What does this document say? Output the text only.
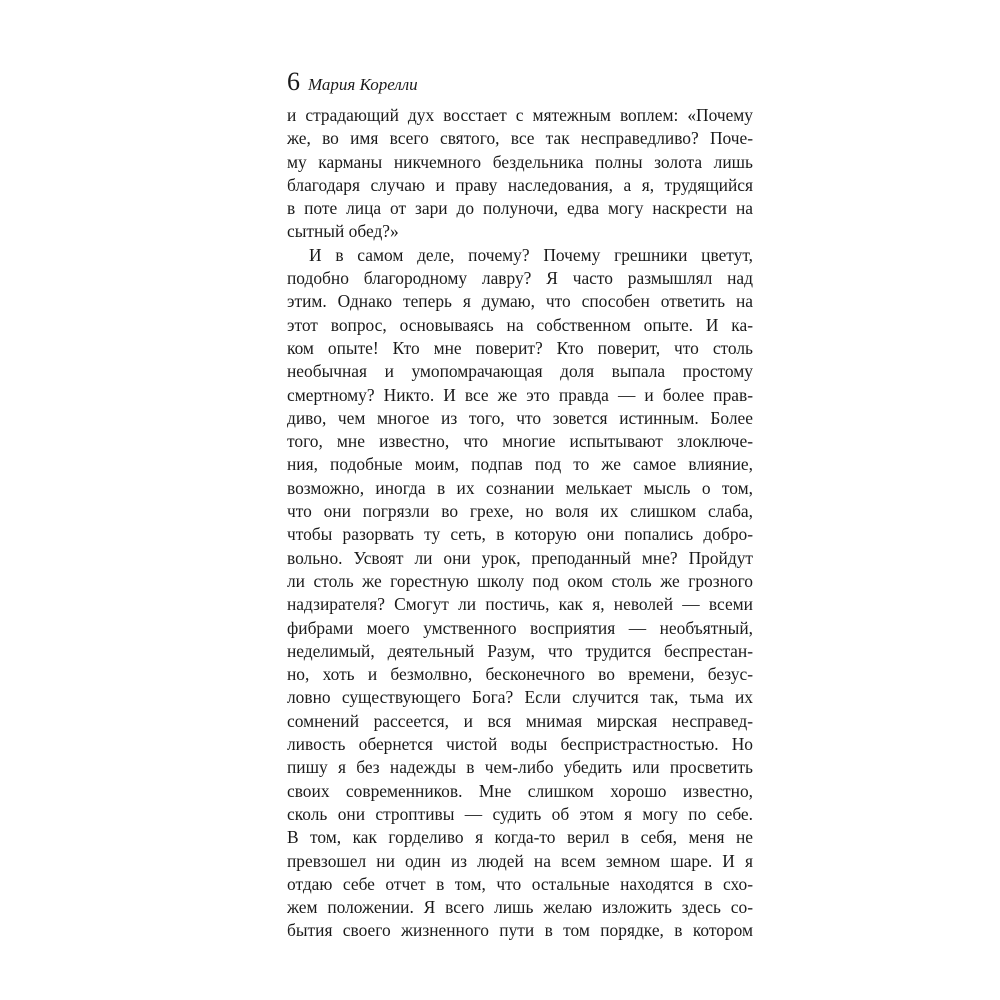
6 Мария Корелли
и страдающий дух восстает с мятежным воплем: «Почему
же, во имя всего святого, все так несправедливо? Поче-
му карманы никчемного бездельника полны золота лишь
благодаря случаю и праву наследования, а я, трудящийся
в поте лица от зари до полуночи, едва могу наскрести на
сытный обед?»
И в самом деле, почему? Почему грешники цветут,
подобно благородному лавру? Я часто размышлял над
этим. Однако теперь я думаю, что способен ответить на
этот вопрос, основываясь на собственном опыте. И ка-
ком опыте! Кто мне поверит? Кто поверит, что столь
необычная и умопомрачающая доля выпала простому
смертному? Никто. И все же это правда — и более прав-
диво, чем многое из того, что зовется истинным. Более
того, мне известно, что многие испытывают злоключе-
ния, подобные моим, подпав под то же самое влияние,
возможно, иногда в их сознании мелькает мысль о том,
что они погрязли во грехе, но воля их слишком слаба,
чтобы разорвать ту сеть, в которую они попались добро-
вольно. Усвоят ли они урок, преподанный мне? Пройдут
ли столь же горестную школу под оком столь же грозного
надзирателя? Смогут ли постичь, как я, неволей — всеми
фибрами моего умственного восприятия — необъятный,
неделимый, деятельный Разум, что трудится беспрестан-
но, хоть и безмолвно, бесконечного во времени, безус-
ловно существующего Бога? Если случится так, тьма их
сомнений рассеется, и вся мнимая мирская несправед-
ливость обернется чистой воды беспристрастностью. Но
пишу я без надежды в чем-либо убедить или просветить
своих современников. Мне слишком хорошо известно,
сколь они строптивы — судить об этом я могу по себе.
В том, как горделиво я когда-то верил в себя, меня не
превзошел ни один из людей на всем земном шаре. И я
отдаю себе отчет в том, что остальные находятся в схо-
жем положении. Я всего лишь желаю изложить здесь со-
бытия своего жизненного пути в том порядке, в котором
